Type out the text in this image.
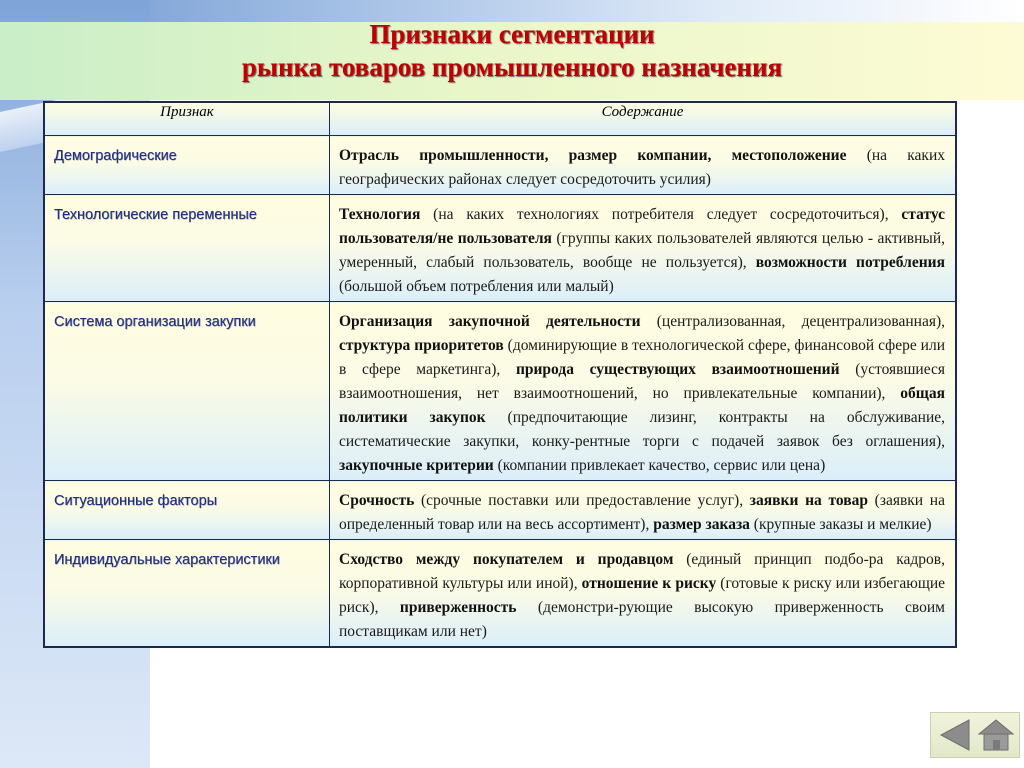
Признаки сегментации
рынка товаров промышленного назначения
Признак	Содержание
Демографические	Отрасль промышленности, размер компании, местоположение (на каких географических районах следует сосредоточить усилия)
Технологические переменные	Технология (на каких технологиях потребителя следует сосредоточиться), статус пользователя/не пользователя (группы каких пользователей являются целью - активный, умеренный, слабый пользователь, вообще не пользуется), возможности потребления (большой объем потребления или малый)
Система организации закупки	Организация закупочной деятельности (централизованная, децентрализованная), структура приоритетов (доминирующие в технологической сфере, финансовой сфере или в сфере маркетинга), природа существующих взаимоотношений (устоявшиеся взаимоотношения, нет взаимоотношений, но привлекательные компании), общая политики закупок (предпочитающие лизинг, контракты на обслуживание, систематические закупки, конку-рентные торги с подачей заявок без оглашения), закупочные критерии (компании привлекает качество, сервис или цена)
Ситуационные факторы	Срочность (срочные поставки или предоставление услуг), заявки на товар (заявки на определенный товар или на весь ассортимент), размер заказа (крупные заказы и мелкие)
Индивидуальные характеристики	Сходство между покупателем и продавцом (единый принцип подбо-ра кадров, корпоративной культуры или иной), отношение к риску (готовые к риску или избегающие риск), приверженность (демонстри-рующие высокую приверженность своим поставщикам или нет)
